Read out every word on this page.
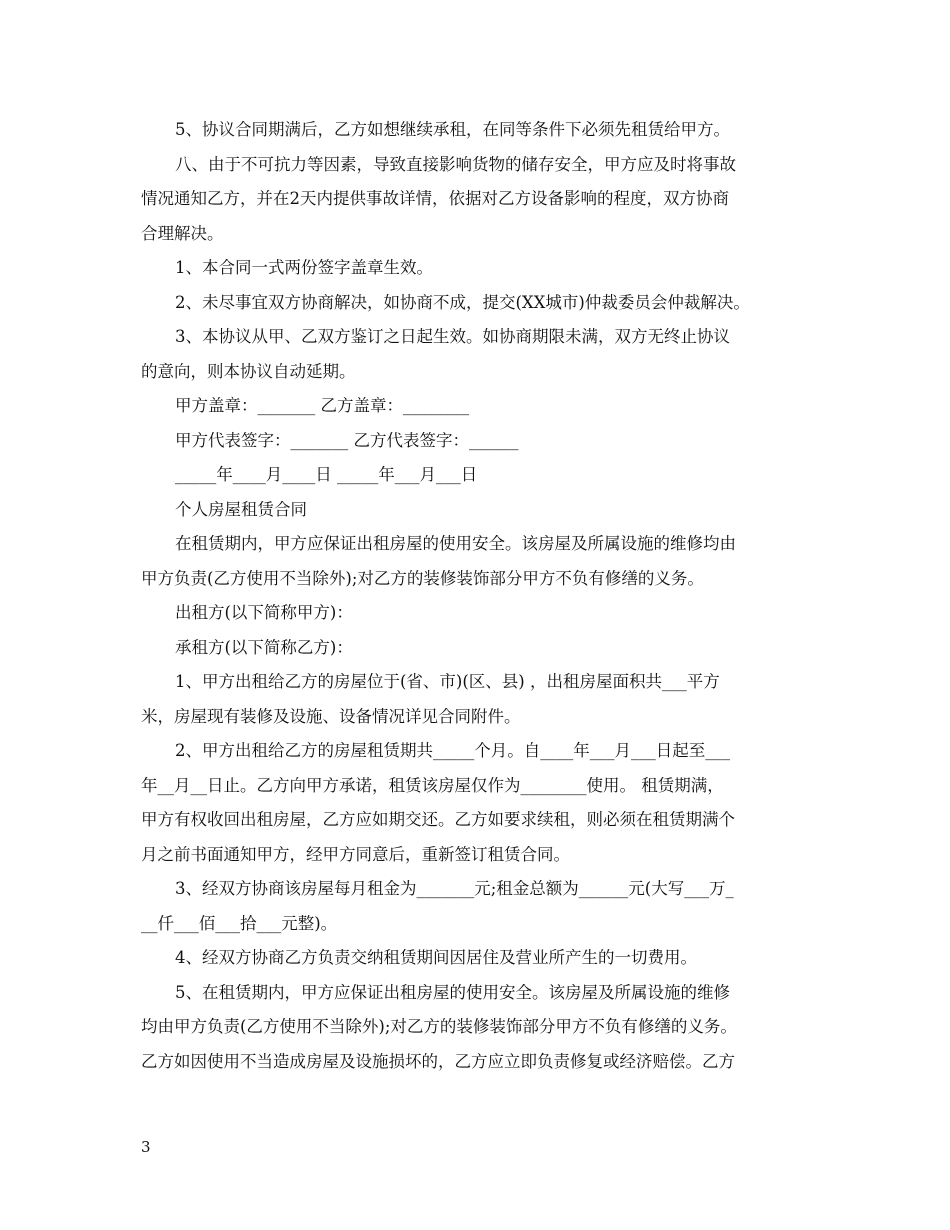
5、协议合同期满后，乙方如想继续承租，在同等条件下必须先租赁给甲方。
八、由于不可抗力等因素，导致直接影响货物的储存安全，甲方应及时将事故
情况通知乙方，并在2天内提供事故详情，依据对乙方设备影响的程度，双方协商
合理解决。
1、本合同一式两份签字盖章生效。
2、未尽事宜双方协商解决，如协商不成，提交(XX城市)仲裁委员会仲裁解决。
3、本协议从甲、乙双方鉴订之日起生效。如协商期限未满，双方无终止协议
的意向，则本协议自动延期。
甲方盖章：_______ 乙方盖章：________
甲方代表签字：_______ 乙方代表签字：______
_____年____月____日 _____年___月___日
个人房屋租赁合同
在租赁期内，甲方应保证出租房屋的使用安全。该房屋及所属设施的维修均由
甲方负责(乙方使用不当除外);对乙方的装修装饰部分甲方不负有修缮的义务。
出租方(以下简称甲方)：
承租方(以下简称乙方)：
1、甲方出租给乙方的房屋位于(省、市)(区、县) ，出租房屋面积共___平方
米，房屋现有装修及设施、设备情况详见合同附件。
2、甲方出租给乙方的房屋租赁期共_____个月。自____年___月___日起至___
年__月__日止。乙方向甲方承诺，租赁该房屋仅作为________使用。 租赁期满，
甲方有权收回出租房屋，乙方应如期交还。乙方如要求续租，则必须在租赁期满个
月之前书面通知甲方，经甲方同意后，重新签订租赁合同。
3、经双方协商该房屋每月租金为_______元;租金总额为______元(大写___万_
__仟___佰___拾___元整)。
4、经双方协商乙方负责交纳租赁期间因居住及营业所产生的一切费用。
5、在租赁期内，甲方应保证出租房屋的使用安全。该房屋及所属设施的维修
均由甲方负责(乙方使用不当除外);对乙方的装修装饰部分甲方不负有修缮的义务。
乙方如因使用不当造成房屋及设施损坏的，乙方应立即负责修复或经济赔偿。乙方
3
